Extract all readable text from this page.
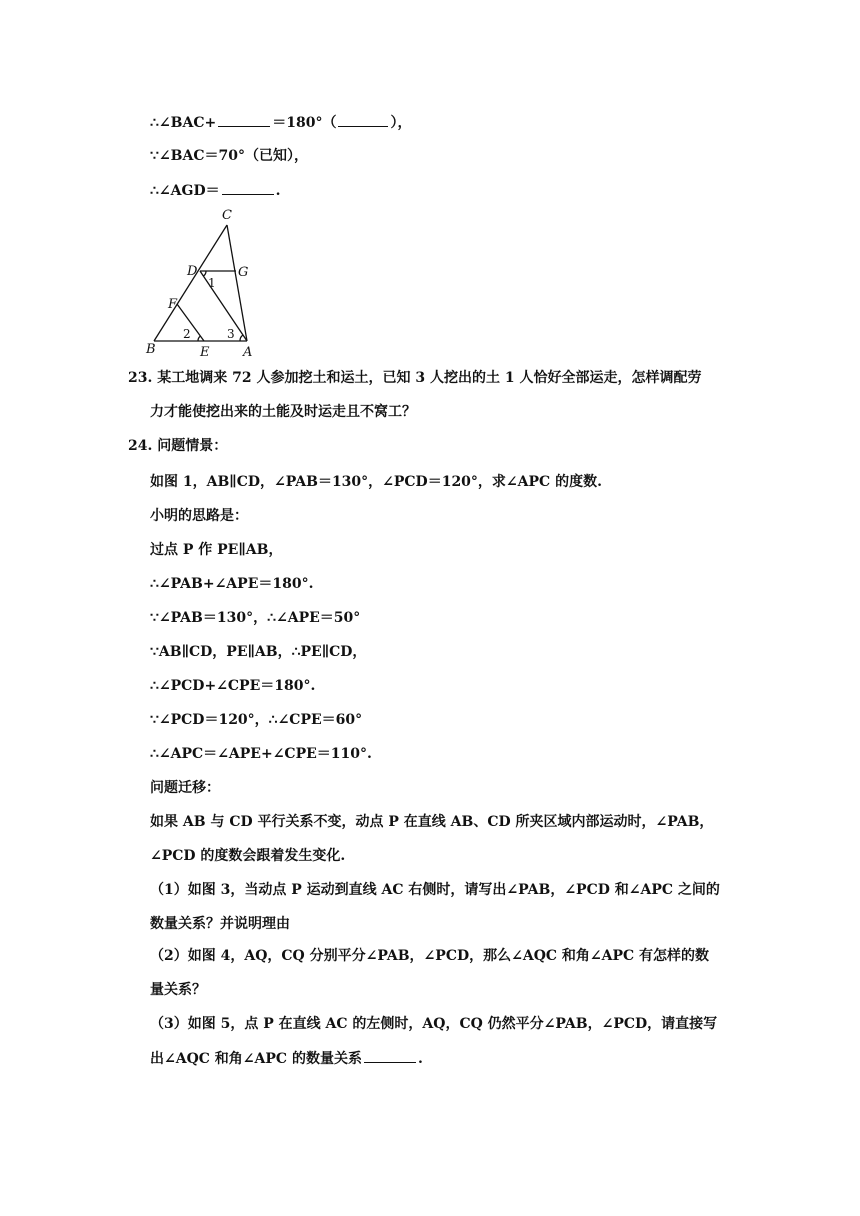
∴∠BAC+	＝180°（	），
∵∠BAC＝70°（已知），
∴∠AGD＝	.
C
D	G
F
B	E	A
1
2	3
23. 某工地调来 72 人参加挖土和运土，已知 3 人挖出的土 1 人恰好全部运走，怎样调配劳
力才能使挖出来的土能及时运走且不窝工？
24. 问题情景：
如图 1，AB∥CD，∠PAB＝130°，∠PCD＝120°，求∠APC 的度数.
小明的思路是：
过点 P 作 PE∥AB，
∴∠PAB+∠APE＝180°.
∵∠PAB＝130°，∴∠APE＝50°
∵AB∥CD，PE∥AB，∴PE∥CD，
∴∠PCD+∠CPE＝180°.
∵∠PCD＝120°，∴∠CPE＝60°
∴∠APC＝∠APE+∠CPE＝110°.
问题迁移：
如果 AB 与 CD 平行关系不变，动点 P 在直线 AB、CD 所夹区域内部运动时，∠PAB，
∠PCD 的度数会跟着发生变化.
（1）如图 3，当动点 P 运动到直线 AC 右侧时，请写出∠PAB，∠PCD 和∠APC 之间的
数量关系？并说明理由
（2）如图 4，AQ，CQ 分别平分∠PAB，∠PCD，那么∠AQC 和角∠APC 有怎样的数
量关系？
（3）如图 5，点 P 在直线 AC 的左侧时，AQ，CQ 仍然平分∠PAB，∠PCD，请直接写
出∠AQC 和角∠APC 的数量关系	.
